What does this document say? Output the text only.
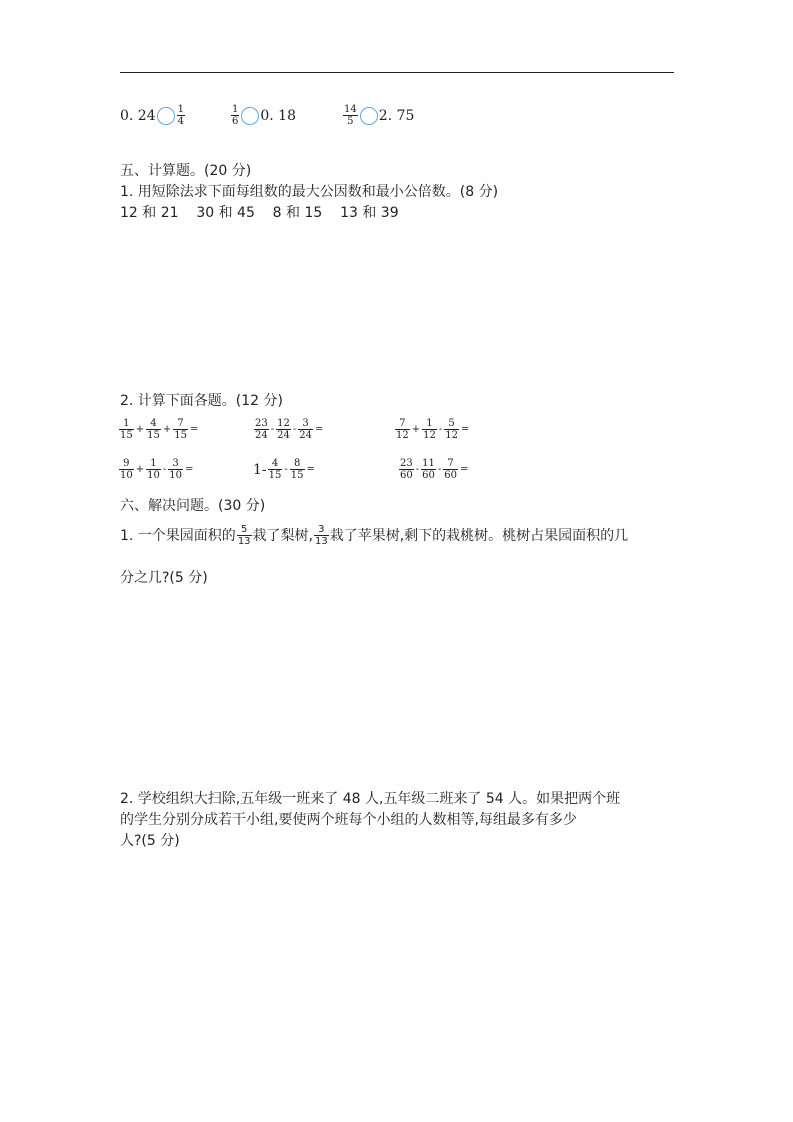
0. $24 \frac{1}{4}$	$\frac{1}{6} 0$. 18	$\frac{14}{5} 2$. 75
五、计算题。(20 分)
1. 用短除法求下面每组数的最大公因数和最小公倍数。(8 分)
12 和 21    30 和 45    8 和 15    13 和 39
2. 计算下面各题。(12 分)
$\frac{1}{15} + \frac{4}{15} + \frac{7}{15}$ =	$\frac{23}{24} - \frac{12}{24} - \frac{3}{24}$ =	$\frac{7}{12} + \frac{1}{12} - \frac{5}{12}$ =
$\frac{9}{10} + \frac{1}{10} - \frac{3}{10}$ =	$1- \frac{4}{15} - \frac{8}{15}$ =	$\frac{23}{60} - \frac{11}{60} - \frac{7}{60}$ =
六、解决问题。(30 分)
1. 一个果园面积的 $\frac{5}{13}$ 栽了梨树, $\frac{3}{13}$ 栽了苹果树,剩下的栽桃树。桃树占果园面积的几
分之几?(5 分)
2. 学校组织大扫除,五年级一班来了 48 人,五年级二班来了 54 人。如果把两个班
的学生分别分成若干小组,要使两个班每个小组的人数相等,每组最多有多少
人?(5 分)
